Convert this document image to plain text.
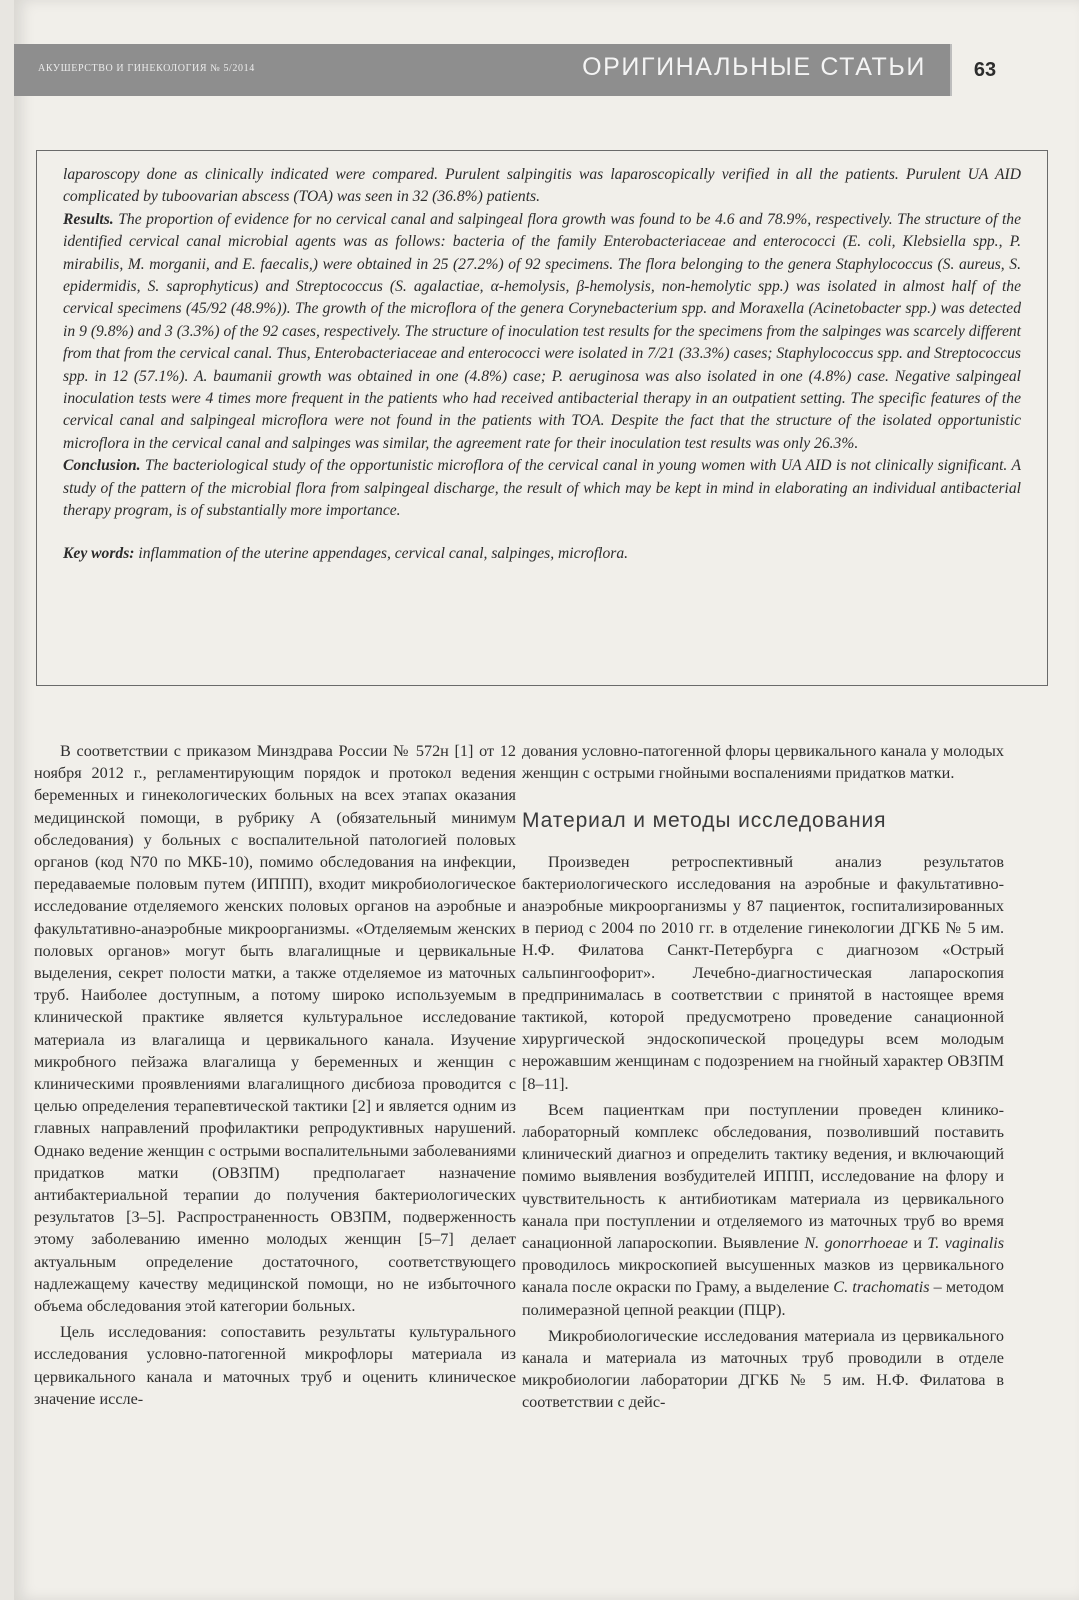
АКУШЕРСТВО И ГИНЕКОЛОГИЯ № 5/2014	ОРИГИНАЛЬНЫЕ СТАТЬИ	63

laparoscopy done as clinically indicated were compared. Purulent salpingitis was laparoscopically verified in all the patients. Purulent UA AID complicated by tuboovarian abscess (TOA) was seen in 32 (36.8%) patients.

Results. The proportion of evidence for no cervical canal and salpingeal flora growth was found to be 4.6 and 78.9%, respectively. The structure of the identified cervical canal microbial agents was as follows: bacteria of the family Enterobacteriaceae and enterococci (E. coli, Klebsiella spp., P. mirabilis, M. morganii, and E. faecalis,) were obtained in 25 (27.2%) of 92 specimens. The flora belonging to the genera Staphylococcus (S. aureus, S. epidermidis, S. saprophyticus) and Streptococcus (S. agalactiae, α-hemolysis, β-hemolysis, non-hemolytic spp.) was isolated in almost half of the cervical specimens (45/92 (48.9%)). The growth of the microflora of the genera Corynebacterium spp. and Moraxella (Acinetobacter spp.) was detected in 9 (9.8%) and 3 (3.3%) of the 92 cases, respectively. The structure of inoculation test results for the specimens from the salpinges was scarcely different from that from the cervical canal. Thus, Enterobacteriaceae and enterococci were isolated in 7/21 (33.3%) cases; Staphylococcus spp. and Streptococcus spp. in 12 (57.1%). A. baumanii growth was obtained in one (4.8%) case; P. aeruginosa was also isolated in one (4.8%) case. Negative salpingeal inoculation tests were 4 times more frequent in the patients who had received antibacterial therapy in an outpatient setting. The specific features of the cervical canal and salpingeal microflora were not found in the patients with TOA. Despite the fact that the structure of the isolated opportunistic microflora in the cervical canal and salpinges was similar, the agreement rate for their inoculation test results was only 26.3%.

Conclusion. The bacteriological study of the opportunistic microflora of the cervical canal in young women with UA AID is not clinically significant. A study of the pattern of the microbial flora from salpingeal discharge, the result of which may be kept in mind in elaborating an individual antibacterial therapy program, is of substantially more importance.

Key words: inflammation of the uterine appendages, cervical canal, salpinges, microflora.

В соответствии с приказом Минздрава России № 572н [1] от 12 ноября 2012 г., регламентирующим порядок и протокол ведения беременных и гинекологических больных на всех этапах оказания медицинской помощи, в рубрику А (обязательный минимум обследования) у больных с воспалительной патологией половых органов (код N70 по МКБ-10), помимо обследования на инфекции, передаваемые половым путем (ИППП), входит микробиологическое исследование отделяемого женских половых органов на аэробные и факультативно-анаэробные микроорганизмы. «Отделяемым женских половых органов» могут быть влагалищные и цервикальные выделения, секрет полости матки, а также отделяемое из маточных труб. Наиболее доступным, а потому широко используемым в клинической практике является культуральное исследование материала из влагалища и цервикального канала. Изучение микробного пейзажа влагалища у беременных и женщин с клиническими проявлениями влагалищного дисбиоза проводится с целью определения терапевтической тактики [2] и является одним из главных направлений профилактики репродуктивных нарушений. Однако ведение женщин с острыми воспалительными заболеваниями придатков матки (ОВЗПМ) предполагает назначение антибактериальной терапии до получения бактериологических результатов [3–5]. Распространенность ОВЗПМ, подверженность этому заболеванию именно молодых женщин [5–7] делает актуальным определение достаточного, соответствующего надлежащему качеству медицинской помощи, но не избыточного объема обследования этой категории больных.

Цель исследования: сопоставить результаты культурального исследования условно-патогенной микрофлоры материала из цервикального канала и маточных труб и оценить клиническое значение иссле-

дования условно-патогенной флоры цервикального канала у молодых женщин с острыми гнойными воспалениями придатков матки.

Материал и методы исследования

Произведен ретроспективный анализ результатов бактериологического исследования на аэробные и факультативно-анаэробные микроорганизмы у 87 пациенток, госпитализированных в период с 2004 по 2010 гг. в отделение гинекологии ДГКБ № 5 им. Н.Ф. Филатова Санкт-Петербурга с диагнозом «Острый сальпингоофорит». Лечебно-диагностическая лапароскопия предпринималась в соответствии с принятой в настоящее время тактикой, которой предусмотрено проведение санационной хирургической эндоскопической процедуры всем молодым нерожавшим женщинам с подозрением на гнойный характер ОВЗПМ [8–11].

Всем пациенткам при поступлении проведен клинико-лабораторный комплекс обследования, позволивший поставить клинический диагноз и определить тактику ведения, и включающий помимо выявления возбудителей ИППП, исследование на флору и чувствительность к антибиотикам материала из цервикального канала при поступлении и отделяемого из маточных труб во время санационной лапароскопии. Выявление N. gonorrhoeae и T. vaginalis проводилось микроскопией высушенных мазков из цервикального канала после окраски по Граму, а выделение C. trachomatis – методом полимеразной цепной реакции (ПЦР).

Микробиологические исследования материала из цервикального канала и материала из маточных труб проводили в отделе микробиологии лаборатории ДГКБ № 5 им. Н.Ф. Филатова в соответствии с дейс-
